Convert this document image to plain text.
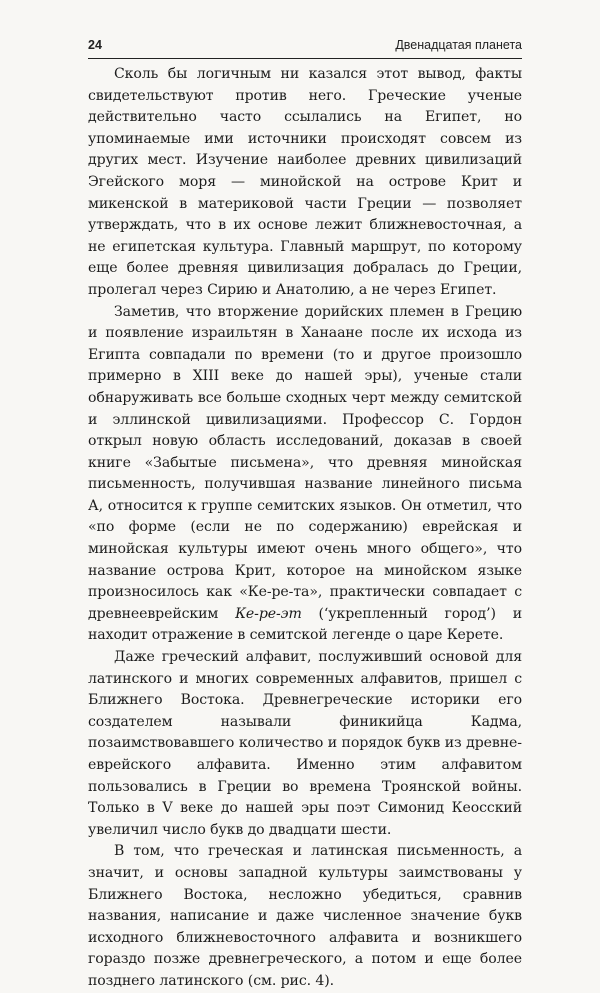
24	Двенадцатая планета

Сколь бы логичным ни казался этот вывод, факты свидетельствуют против него. Греческие ученые действительно часто ссылались на Египет, но упоминаемые ими источники происходят совсем из других мест. Изучение наиболее древних цивилизаций Эгейского моря — минойской на острове Крит и микенской в материковой части Греции — позволяет утверждать, что в их основе лежит ближневосточная, а не египетская культура. Главный маршрут, по которому еще более древняя цивилизация добралась до Греции, пролегал через Сирию и Анатолию, а не через Египет.

Заметив, что вторжение дорийских племен в Грецию и появление израильтян в Ханаане после их исхода из Египта совпадали по времени (то и другое произошло примерно в XIII веке до нашей эры), ученые стали обнаруживать все больше сходных черт между семитской и эллинской цивилизациями. Профессор С. Гордон открыл новую область исследований, доказав в своей книге «Забытые письмена», что древняя минойская письменность, получившая название линейного письма А, относится к группе семитских языков. Он отметил, что «по форме (если не по содержанию) еврейская и минойская культуры имеют очень много общего», что название острова Крит, которое на минойском языке произносилось как «Ке-ре-та», практически совпадает с древнееврейским Ке-ре-эт (‘укрепленный город’) и находит отражение в семитской легенде о царе Керете.

Даже греческий алфавит, послуживший основой для латинского и многих современных алфавитов, пришел с Ближнего Востока. Древнегреческие историки его создателем называли финикийца Кадма, позаимствовавшего количество и порядок букв из древнееврейского алфавита. Именно этим алфавитом пользовались в Греции во времена Троянской войны. Только в V веке до нашей эры поэт Симонид Кеосский увеличил число букв до двадцати шести.

В том, что греческая и латинская письменность, а значит, и основы западной культуры заимствованы у Ближнего Востока, несложно убедиться, сравнив названия, написание и даже численное значение букв исходного ближневосточного алфавита и возникшего гораздо позже древнегреческого, а потом и еще более позднего латинского (см. рис. 4).
